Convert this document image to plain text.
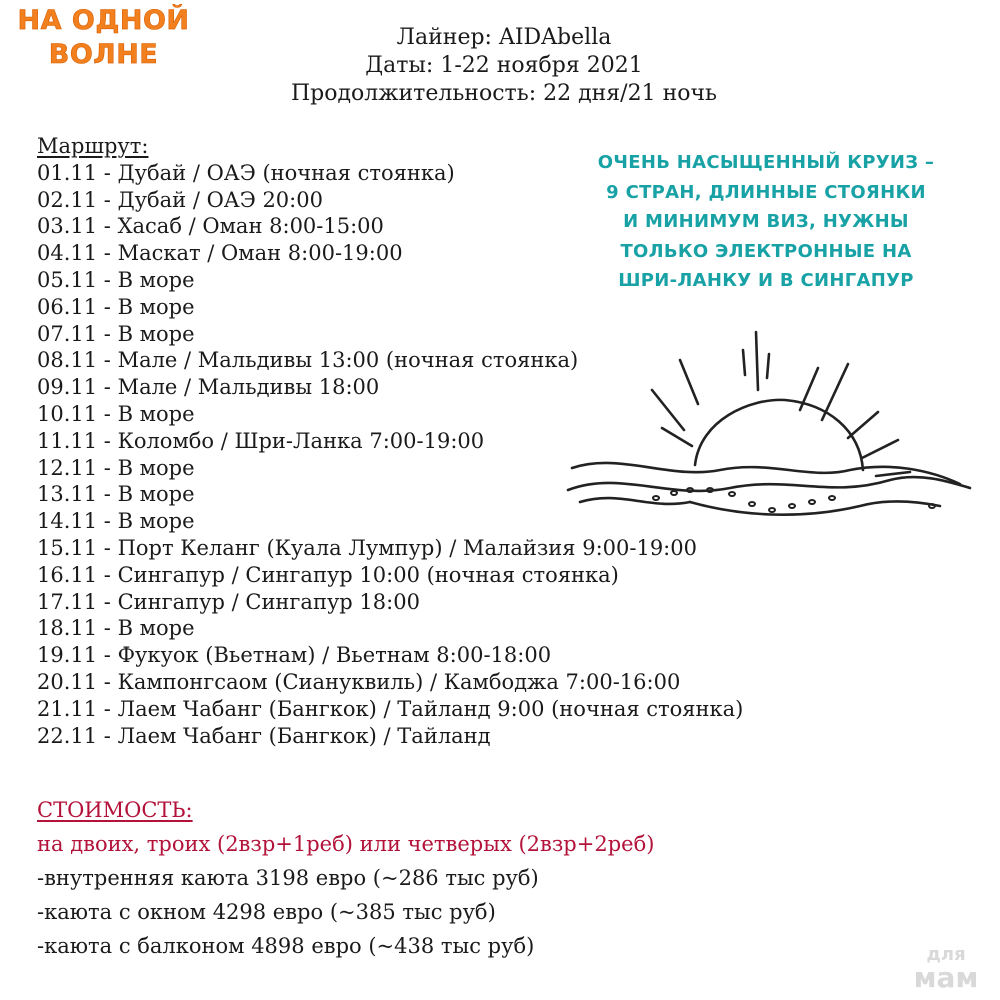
НА ОДНОЙ
ВОЛНЕ
Лайнер: AIDAbella
Даты: 1-22 ноября 2021
Продолжительность: 22 дня/21 ночь
Маршрут:
01.11 - Дубай / ОАЭ (ночная стоянка)
02.11 - Дубай / ОАЭ 20:00
03.11 - Хасаб / Оман 8:00-15:00
04.11 - Маскат / Оман 8:00-19:00
05.11 - В море
06.11 - В море
07.11 - В море
08.11 - Мале / Мальдивы 13:00 (ночная стоянка)
09.11 - Мале / Мальдивы 18:00
10.11 - В море
11.11 - Коломбо / Шри-Ланка 7:00-19:00
12.11 - В море
13.11 - В море
14.11 - В море
15.11 - Порт Келанг (Куала Лумпур) / Малайзия 9:00-19:00
16.11 - Сингапур / Сингапур 10:00 (ночная стоянка)
17.11 - Сингапур / Сингапур 18:00
18.11 - В море
19.11 - Фукуок (Вьетнам) / Вьетнам 8:00-18:00
20.11 - Кампонгсаом (Сиануквиль) / Камбоджа 7:00-16:00
21.11 - Лаем Чабанг (Бангкок) / Тайланд 9:00 (ночная стоянка)
22.11 - Лаем Чабанг (Бангкок) / Тайланд
ОЧЕНЬ НАСЫЩЕННЫЙ КРУИЗ –
9 СТРАН, ДЛИННЫЕ СТОЯНКИ
И МИНИМУМ ВИЗ, НУЖНЫ
ТОЛЬКО ЭЛЕКТРОННЫЕ НА
ШРИ-ЛАНКУ И В СИНГАПУР
СТОИМОСТЬ:
на двоих, троих (2взр+1реб) или четверых (2взр+2реб)
-внутренняя каюта 3198 евро (~286 тыс руб)
-каюта с окном 4298 евро (~385 тыс руб)
-каюта с балконом 4898 евро (~438 тыс руб)	для
мам
